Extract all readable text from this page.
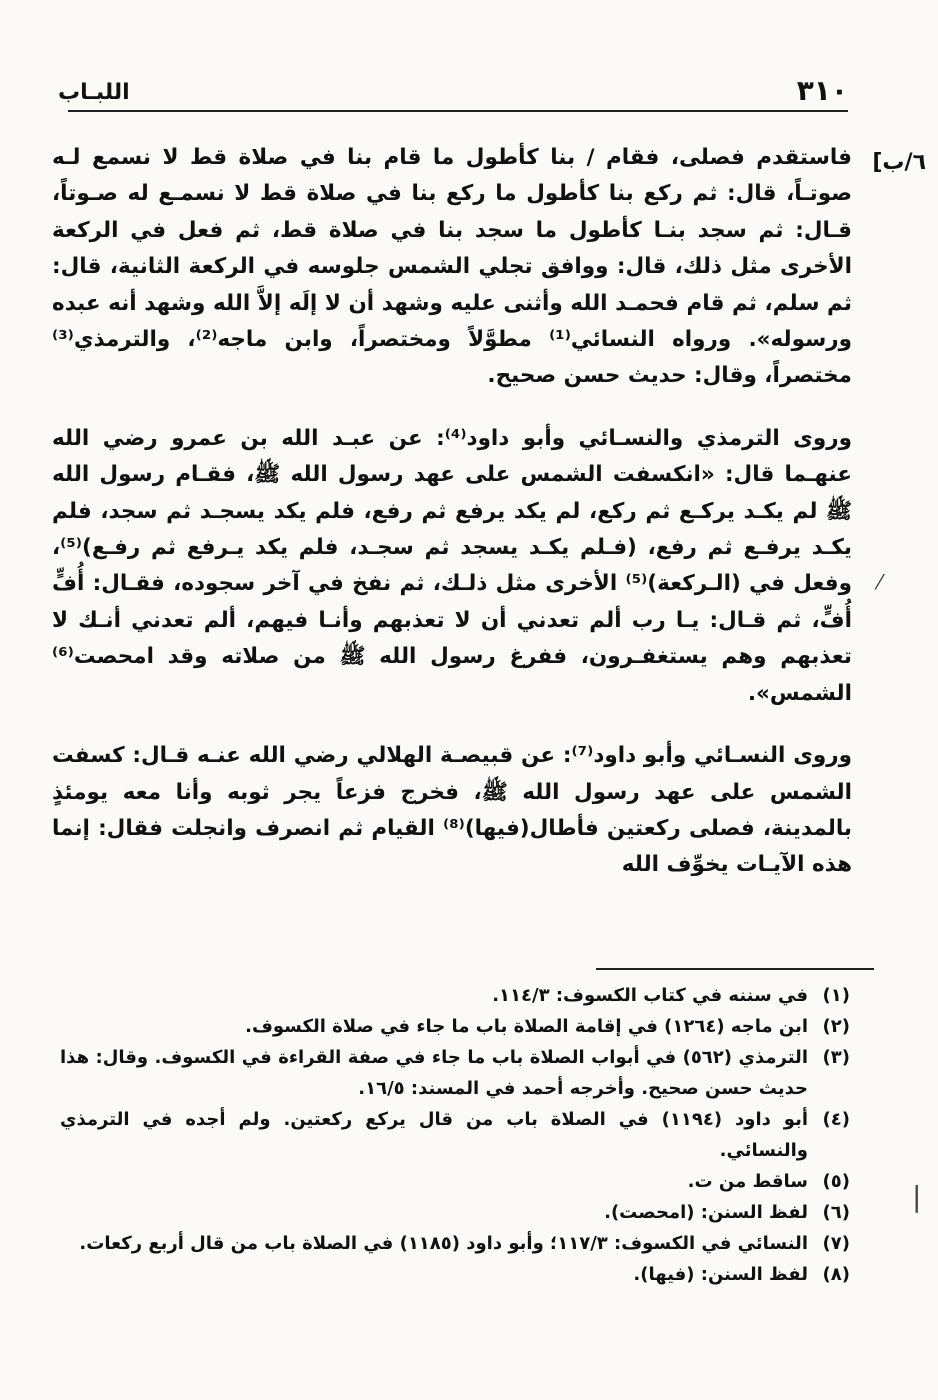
٣١٠
اللبـاب
٦/ب]

فاستقدم فصلى، فقام / بنا كأطول ما قام بنا في صلاة قط لا نسمع لـه صوتـاً، قال: ثم ركع بنا كأطول ما ركع بنا في صلاة قط لا نسمـع له صـوتاً، قـال: ثم سجد بنـا كأطول ما سجد بنا في صلاة قط، ثم فعل في الركعة الأخرى مثل ذلك، قال: ووافق تجلي الشمس جلوسه في الركعة الثانية، قال: ثم سلم، ثم قام فحمـد الله وأثنى عليه وشهد أن لا إلَه إلاَّ الله وشهد أنه عبده ورسوله». ورواه النسائي⁽¹⁾ مطوَّلاً ومختصراً، وابن ماجه⁽²⁾، والترمذي⁽³⁾ مختصراً، وقال: حديث حسن صحيح.

وروى الترمذي والنسـائي وأبو داود⁽⁴⁾: عن عبـد الله بن عمرو رضي الله عنهـما قال: «انكسفت الشمس على عهد رسول الله ﷺ، فقـام رسول الله ﷺ لم يكـد يركـع ثم ركع، لم يكد يرفع ثم رفع، فلم يكد يسجـد ثم سجد، فلم يكـد يرفـع ثم رفع، (فـلم يكـد يسجد ثم سجـد، فلم يكد يـرفع ثم رفـع)⁽⁵⁾، وفعل في (الـركعة)⁽⁵⁾ الأخرى مثل ذلـك، ثم نفخ في آخر سجوده، فقـال: أُفٍّ أُفٍّ، ثم قـال: يـا رب ألم تعدني أن لا تعذبهم وأنـا فيهم، ألم تعدني أنـك لا تعذبهم وهم يستغفـرون، ففرغ رسول الله ﷺ من صلاته وقد امحصت⁽⁶⁾ الشمس».

وروى النسـائي وأبو داود⁽⁷⁾: عن قبيصـة الهلالي رضي الله عنـه قـال: كسفت الشمس على عهد رسول الله ﷺ، فخرج فزعاً يجر ثوبه وأنا معه يومئذٍ بالمدينة، فصلى ركعتين فأطال(فيها)⁽⁸⁾ القيام ثم انصرف وانجلت فقال: إنما هذه الآيـات يخوِّف الله

(١)
في سننه في كتاب الكسوف: ١١٤/٣.
(٢)
ابن ماجه (١٢٦٤) في إقامة الصلاة باب ما جاء في صلاة الكسوف.
(٣)
الترمذي (٥٦٢) في أبواب الصلاة باب ما جاء في صفة القراءة في الكسوف. وقال: هذا حديث حسن صحيح. وأخرجه أحمد في المسند: ١٦/٥.
(٤)
أبو داود (١١٩٤) في الصلاة باب من قال يركع ركعتين. ولم أجده في الترمذي والنسائي.
(٥)
ساقط من ت.
(٦)
لفظ السنن: (امحصت).
(٧)
النسائي في الكسوف: ١١٧/٣؛ وأبو داود (١١٨٥) في الصلاة باب من قال أربع ركعات.
(٨)
لفظ السنن: (فيها).
⁄
|
